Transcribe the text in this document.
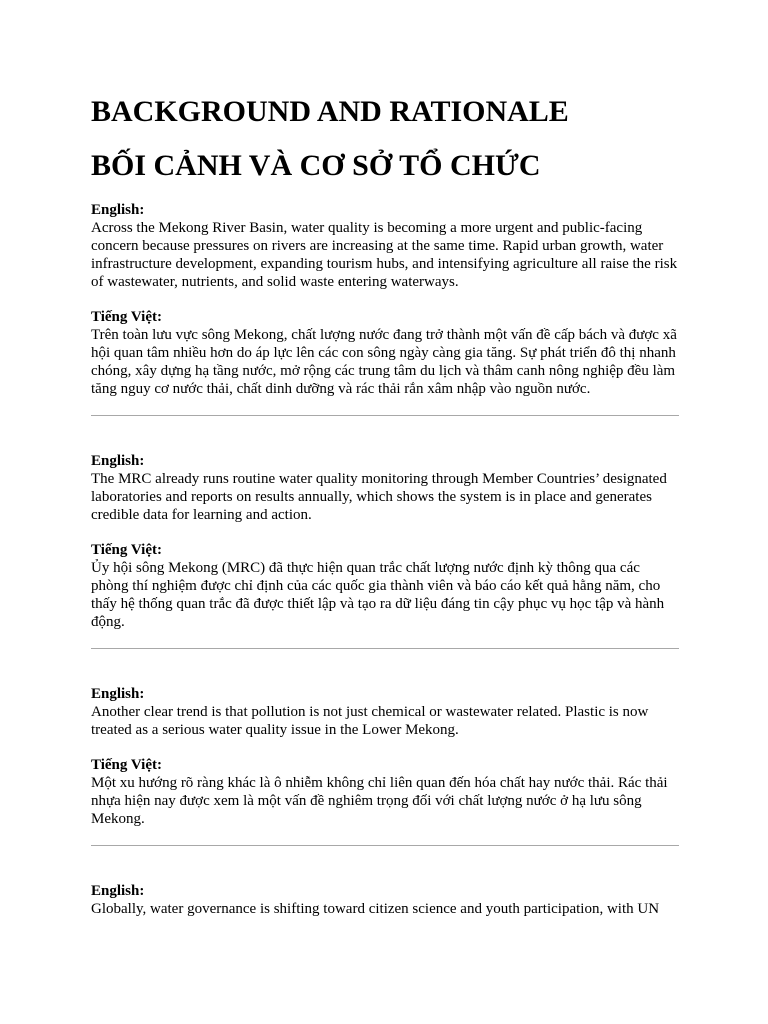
BACKGROUND AND RATIONALE
BỐI CẢNH VÀ CƠ SỞ TỔ CHỨC

English:

Across the Mekong River Basin, water quality is becoming a more urgent and public-facing concern because pressures on rivers are increasing at the same time. Rapid urban growth, water infrastructure development, expanding tourism hubs, and intensifying agriculture all raise the risk of wastewater, nutrients, and solid waste entering waterways.

Tiếng Việt:

Trên toàn lưu vực sông Mekong, chất lượng nước đang trở thành một vấn đề cấp bách và được xã hội quan tâm nhiều hơn do áp lực lên các con sông ngày càng gia tăng. Sự phát triển đô thị nhanh chóng, xây dựng hạ tầng nước, mở rộng các trung tâm du lịch và thâm canh nông nghiệp đều làm tăng nguy cơ nước thải, chất dinh dưỡng và rác thải rắn xâm nhập vào nguồn nước.

English:

The MRC already runs routine water quality monitoring through Member Countries’ designated laboratories and reports on results annually, which shows the system is in place and generates credible data for learning and action.

Tiếng Việt:

Ủy hội sông Mekong (MRC) đã thực hiện quan trắc chất lượng nước định kỳ thông qua các phòng thí nghiệm được chỉ định của các quốc gia thành viên và báo cáo kết quả hằng năm, cho thấy hệ thống quan trắc đã được thiết lập và tạo ra dữ liệu đáng tin cậy phục vụ học tập và hành động.

English:

Another clear trend is that pollution is not just chemical or wastewater related. Plastic is now treated as a serious water quality issue in the Lower Mekong.

Tiếng Việt:

Một xu hướng rõ ràng khác là ô nhiễm không chỉ liên quan đến hóa chất hay nước thải. Rác thải nhựa hiện nay được xem là một vấn đề nghiêm trọng đối với chất lượng nước ở hạ lưu sông Mekong.

English:

Globally, water governance is shifting toward citizen science and youth participation, with UN
